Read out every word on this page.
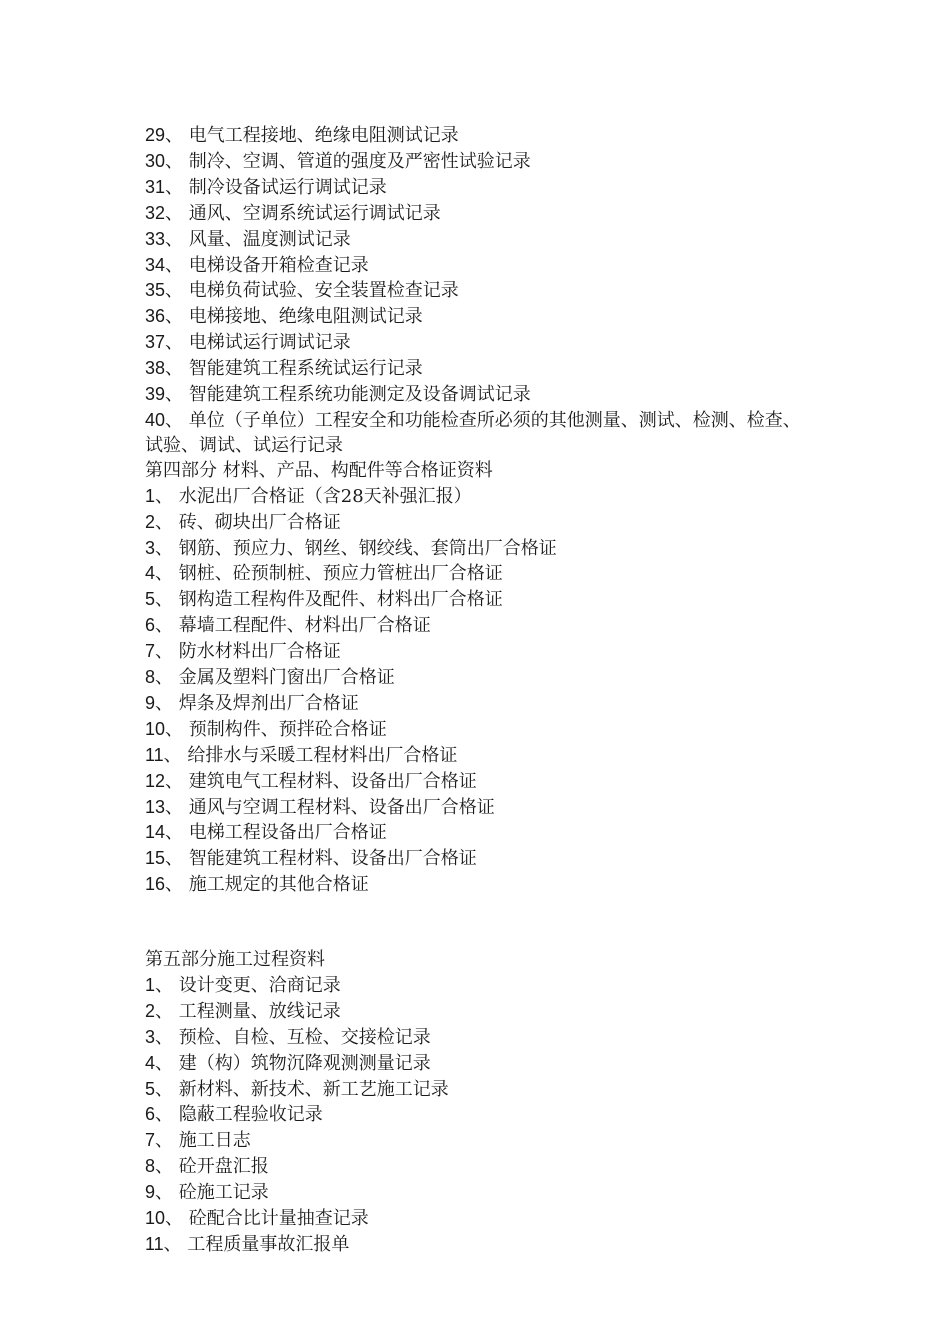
29、 电气工程接地、绝缘电阻测试记录
30、 制冷、空调、管道的强度及严密性试验记录
31、 制冷设备试运行调试记录
32、 通风、空调系统试运行调试记录
33、 风量、温度测试记录
34、 电梯设备开箱检查记录
35、 电梯负荷试验、安全装置检查记录
36、 电梯接地、绝缘电阻测试记录
37、 电梯试运行调试记录
38、 智能建筑工程系统试运行记录
39、 智能建筑工程系统功能测定及设备调试记录
40、 单位（子单位）工程安全和功能检查所必须的其他测量、测试、检测、检查、试验、调试、试运行记录
第四部分 材料、产品、构配件等合格证资料
1、 水泥出厂合格证（含28天补强汇报）
2、 砖、砌块出厂合格证
3、 钢筋、预应力、钢丝、钢绞线、套筒出厂合格证
4、 钢桩、砼预制桩、预应力管桩出厂合格证
5、 钢构造工程构件及配件、材料出厂合格证
6、 幕墙工程配件、材料出厂合格证
7、 防水材料出厂合格证
8、 金属及塑料门窗出厂合格证
9、 焊条及焊剂出厂合格证
10、 预制构件、预拌砼合格证
11、 给排水与采暖工程材料出厂合格证
12、 建筑电气工程材料、设备出厂合格证
13、 通风与空调工程材料、设备出厂合格证
14、 电梯工程设备出厂合格证
15、 智能建筑工程材料、设备出厂合格证
16、 施工规定的其他合格证
第五部分施工过程资料
1、 设计变更、洽商记录
2、 工程测量、放线记录
3、 预检、自检、互检、交接检记录
4、 建（构）筑物沉降观测测量记录
5、 新材料、新技术、新工艺施工记录
6、 隐蔽工程验收记录
7、 施工日志
8、 砼开盘汇报
9、 砼施工记录
10、 砼配合比计量抽查记录
11、 工程质量事故汇报单
